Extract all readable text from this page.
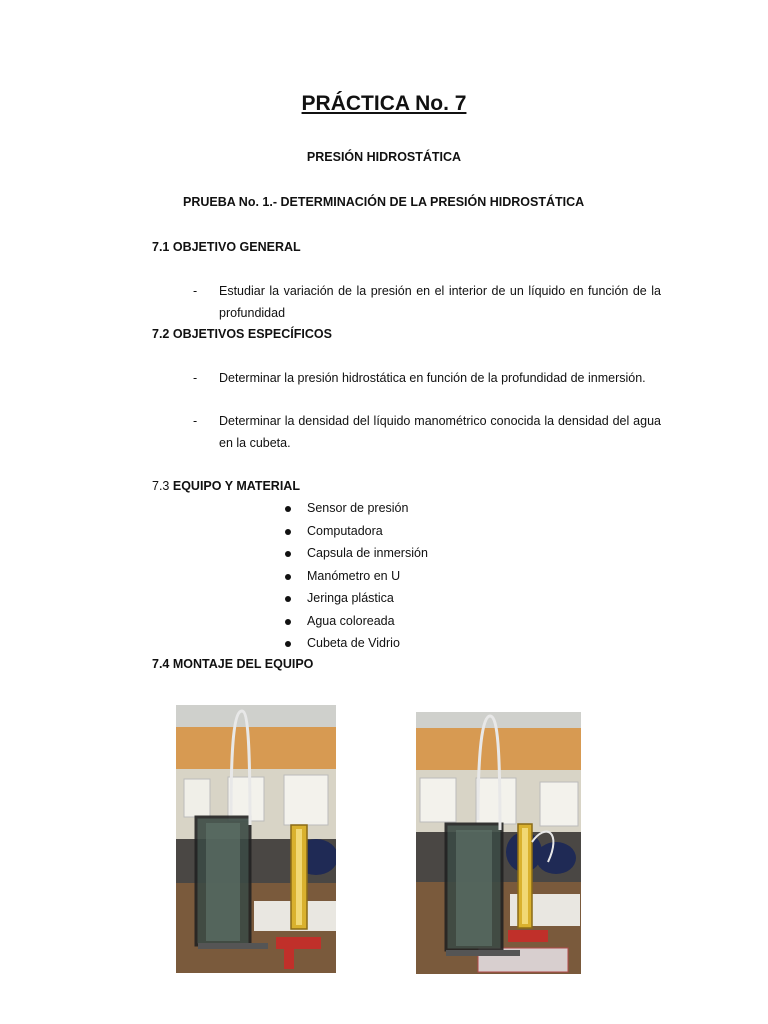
PRÁCTICA No. 7
PRESIÓN HIDROSTÁTICA
PRUEBA No. 1.- DETERMINACIÓN DE LA PRESIÓN HIDROSTÁTICA
7.1 OBJETIVO GENERAL
- Estudiar la variación de la presión en el interior de un líquido en función de la profundidad
7.2 OBJETIVOS ESPECÍFICOS
- Determinar la presión hidrostática en función de la profundidad de inmersión.
- Determinar la densidad del líquido manométrico conocida la densidad del agua en la cubeta.
7.3 EQUIPO Y MATERIAL
Sensor de presión
Computadora
Capsula de inmersión
Manómetro en U
Jeringa plástica
Agua coloreada
Cubeta de Vidrio
7.4 MONTAJE DEL EQUIPO
